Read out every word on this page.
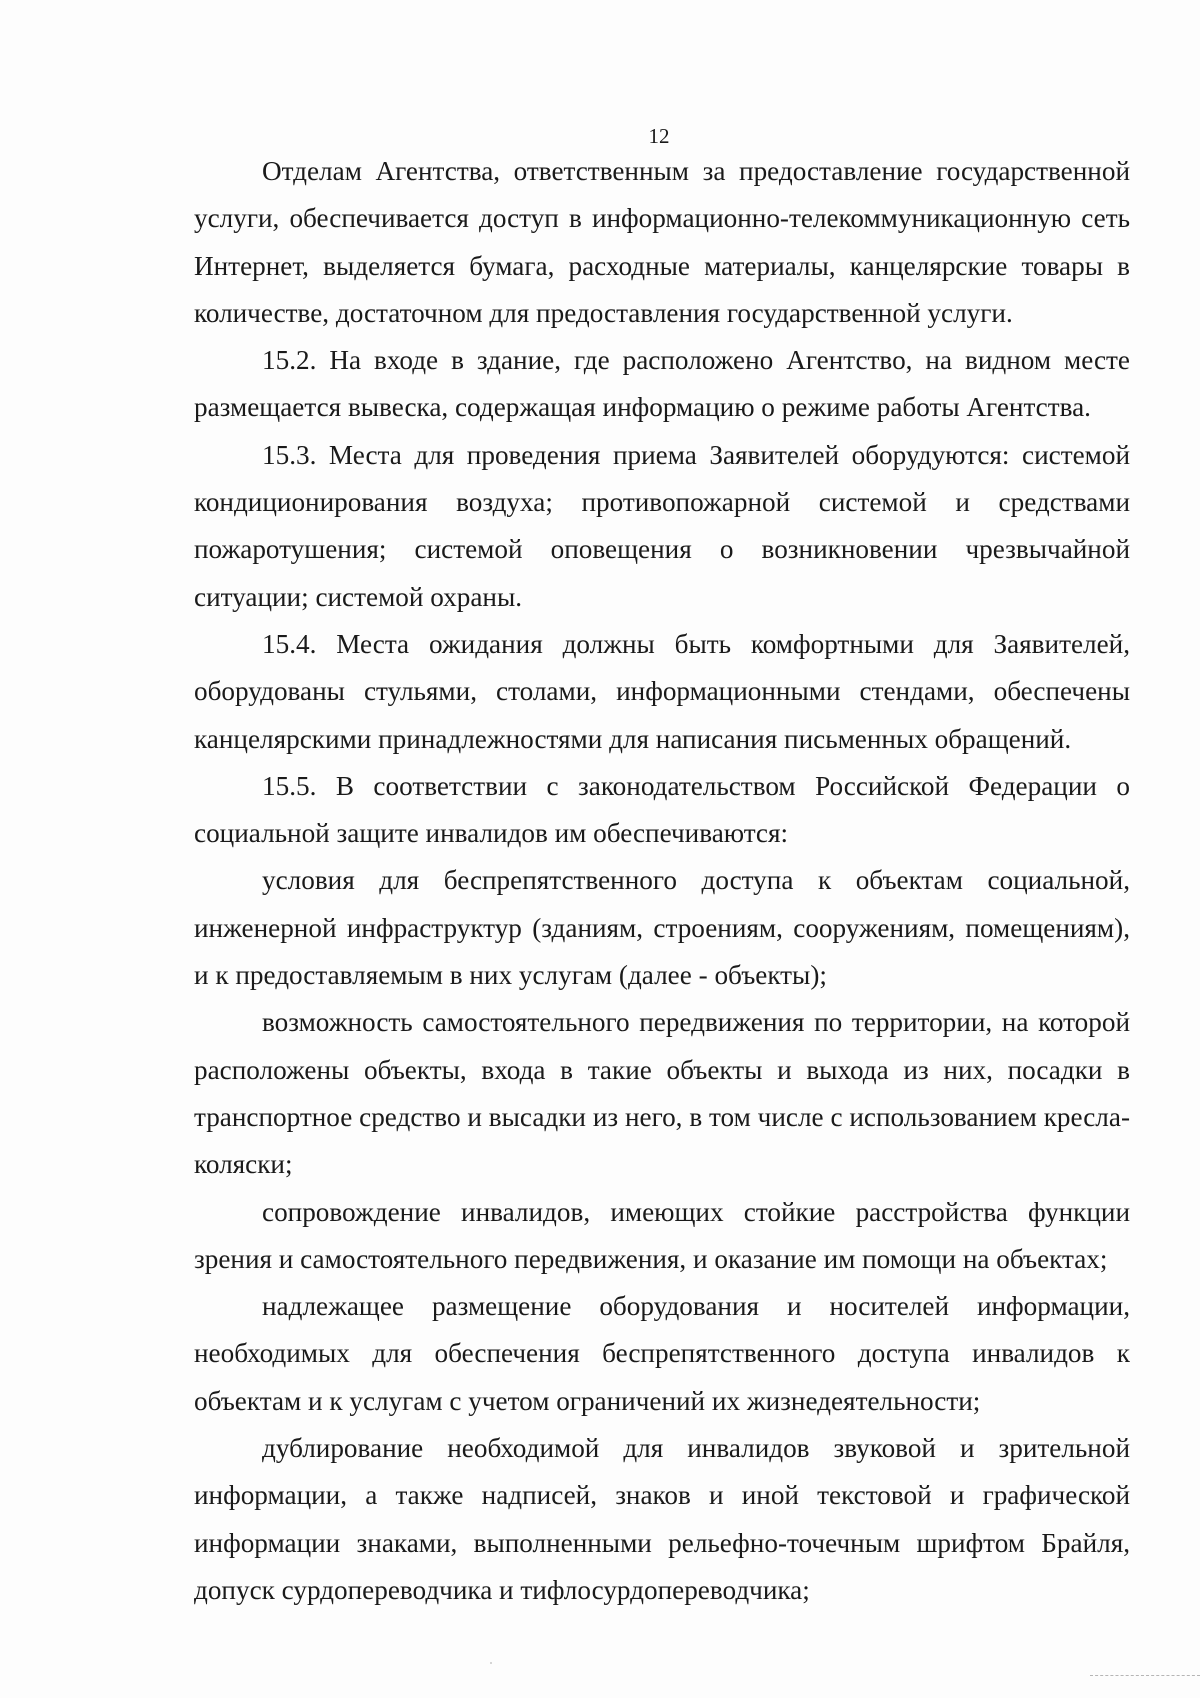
12

Отделам Агентства, ответственным за предоставление государственной услуги, обеспечивается доступ в информационно-телекоммуникационную сеть Интернет, выделяется бумага, расходные материалы, канцелярские товары в количестве, достаточном для предоставления государственной услуги.

15.2. На входе в здание, где расположено Агентство, на видном месте размещается вывеска, содержащая информацию о режиме работы Агентства.

15.3. Места для проведения приема Заявителей оборудуются: системой кондиционирования воздуха; противопожарной системой и средствами пожаротушения; системой оповещения о возникновении чрезвычайной ситуации; системой охраны.

15.4. Места ожидания должны быть комфортными для Заявителей, оборудованы стульями, столами, информационными стендами, обеспечены канцелярскими принадлежностями для написания письменных обращений.

15.5. В соответствии с законодательством Российской Федерации о социальной защите инвалидов им обеспечиваются:

условия для беспрепятственного доступа к объектам социальной, инженерной инфраструктур (зданиям, строениям, сооружениям, помещениям), и к предоставляемым в них услугам (далее - объекты);

возможность самостоятельного передвижения по территории, на которой расположены объекты, входа в такие объекты и выхода из них, посадки в транспортное средство и высадки из него, в том числе с использованием кресла-коляски;

сопровождение инвалидов, имеющих стойкие расстройства функции зрения и самостоятельного передвижения, и оказание им помощи на объектах;

надлежащее размещение оборудования и носителей информации, необходимых для обеспечения беспрепятственного доступа инвалидов к объектам и к услугам с учетом ограничений их жизнедеятельности;

дублирование необходимой для инвалидов звуковой и зрительной информации, а также надписей, знаков и иной текстовой и графической информации знаками, выполненными рельефно-точечным шрифтом Брайля, допуск сурдопереводчика и тифлосурдопереводчика;
